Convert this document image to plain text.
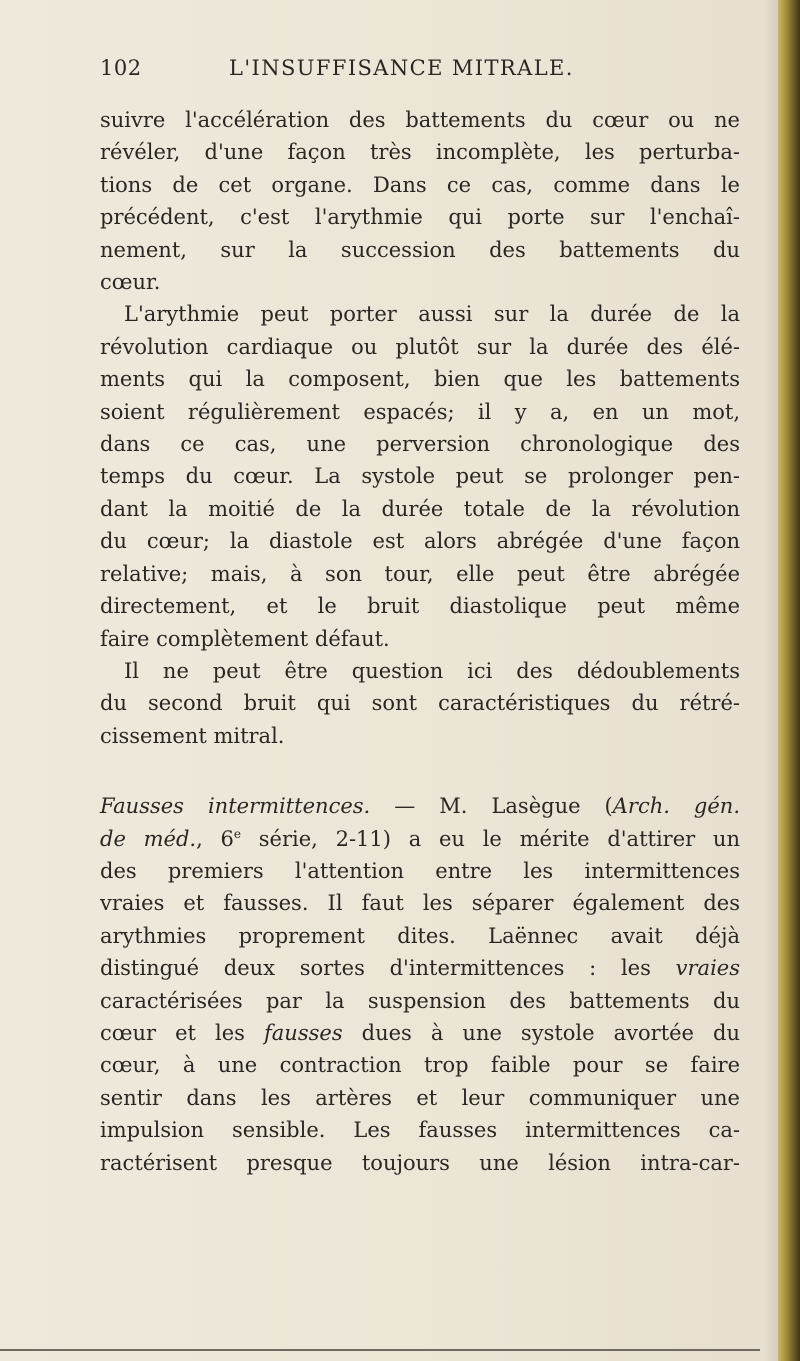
102	L'INSUFFISANCE MITRALE.

suivre l'accélération des battements du cœur ou ne
révéler, d'une façon très incomplète, les perturba-
tions de cet organe. Dans ce cas, comme dans le
précédent, c'est l'arythmie qui porte sur l'enchaî-
nement, sur la succession des battements du
cœur.

L'arythmie peut porter aussi sur la durée de la
révolution cardiaque ou plutôt sur la durée des élé-
ments qui la composent, bien que les battements
soient régulièrement espacés; il y a, en un mot,
dans ce cas, une perversion chronologique des
temps du cœur. La systole peut se prolonger pen-
dant la moitié de la durée totale de la révolution
du cœur; la diastole est alors abrégée d'une façon
relative; mais, à son tour, elle peut être abrégée
directement, et le bruit diastolique peut même
faire complètement défaut.

Il ne peut être question ici des dédoublements
du second bruit qui sont caractéristiques du rétré-
cissement mitral.

Fausses intermittences. — M. Lasègue (Arch. gén.
de méd., 6e série, 2-11) a eu le mérite d'attirer un
des premiers l'attention entre les intermittences
vraies et fausses. Il faut les séparer également des
arythmies proprement dites. Laënnec avait déjà
distingué deux sortes d'intermittences : les vraies
caractérisées par la suspension des battements du
cœur et les fausses dues à une systole avortée du
cœur, à une contraction trop faible pour se faire
sentir dans les artères et leur communiquer une
impulsion sensible. Les fausses intermittences ca-
ractérisent presque toujours une lésion intra-car-
